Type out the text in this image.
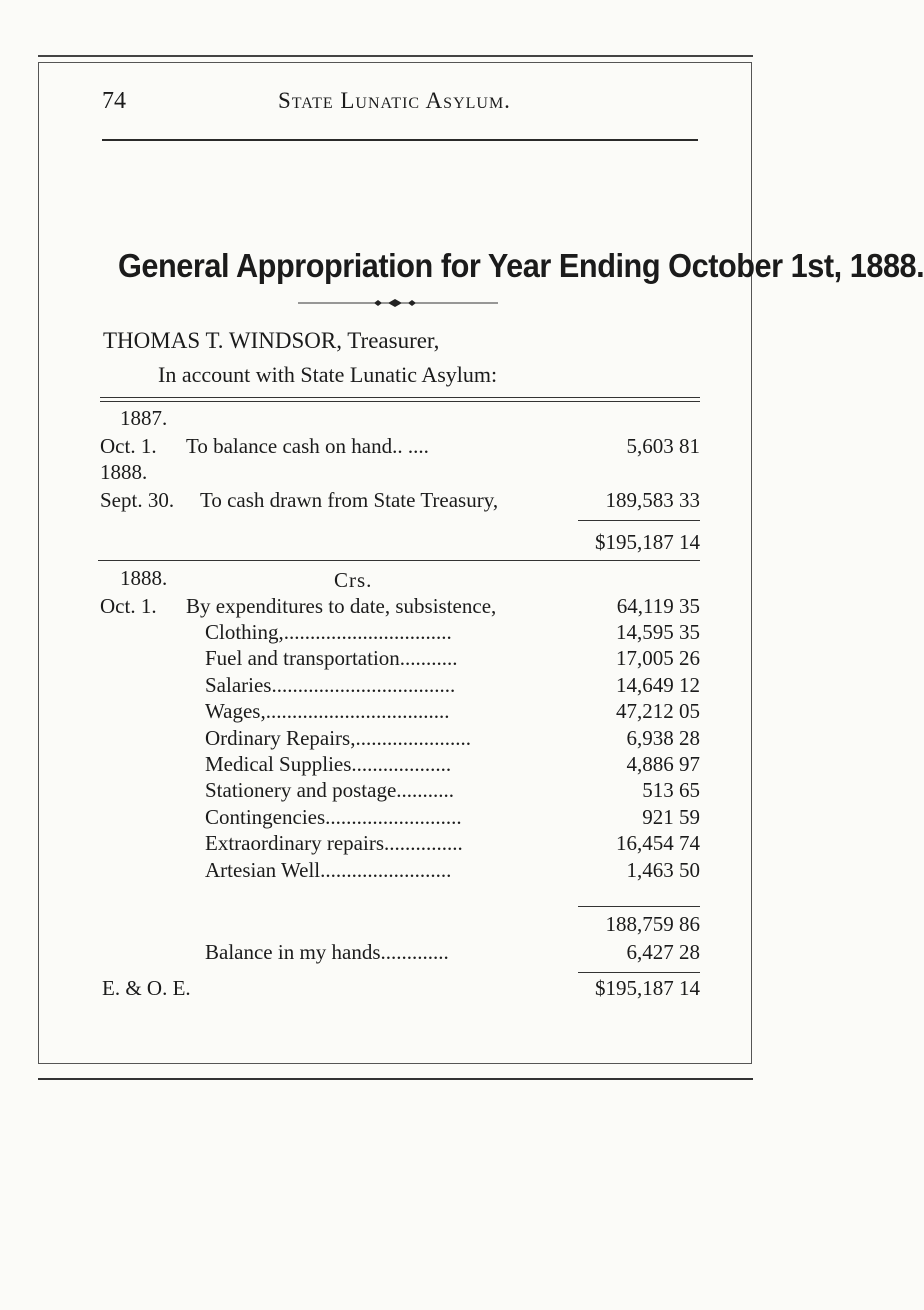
74	State Lunatic Asylum.
General Appropriation for Year Ending October 1st, 1888.
THOMAS T. WINDSOR, Treasurer,
In account with State Lunatic Asylum:
1887.
Oct. 1. To balance cash on hand.. ....	5,603 81
1888.
Sept. 30. To cash drawn from State Treasury,	189,583 33
$195,187 14
1888.	Crs.
Oct. 1. By expenditures to date, subsistence,	64,119 35
Clothing,................................	14,595 35
Fuel and transportation...........	17,005 26
Salaries...................................	14,649 12
Wages,...................................	47,212 05
Ordinary Repairs,......................	6,938 28
Medical Supplies...................	4,886 97
Stationery and postage...........	513 65
Contingencies..........................	921 59
Extraordinary repairs...............	16,454 74
Artesian Well.........................	1,463 50
188,759 86
Balance in my hands.............	6,427 28
E. & O. E.	$195,187 14
